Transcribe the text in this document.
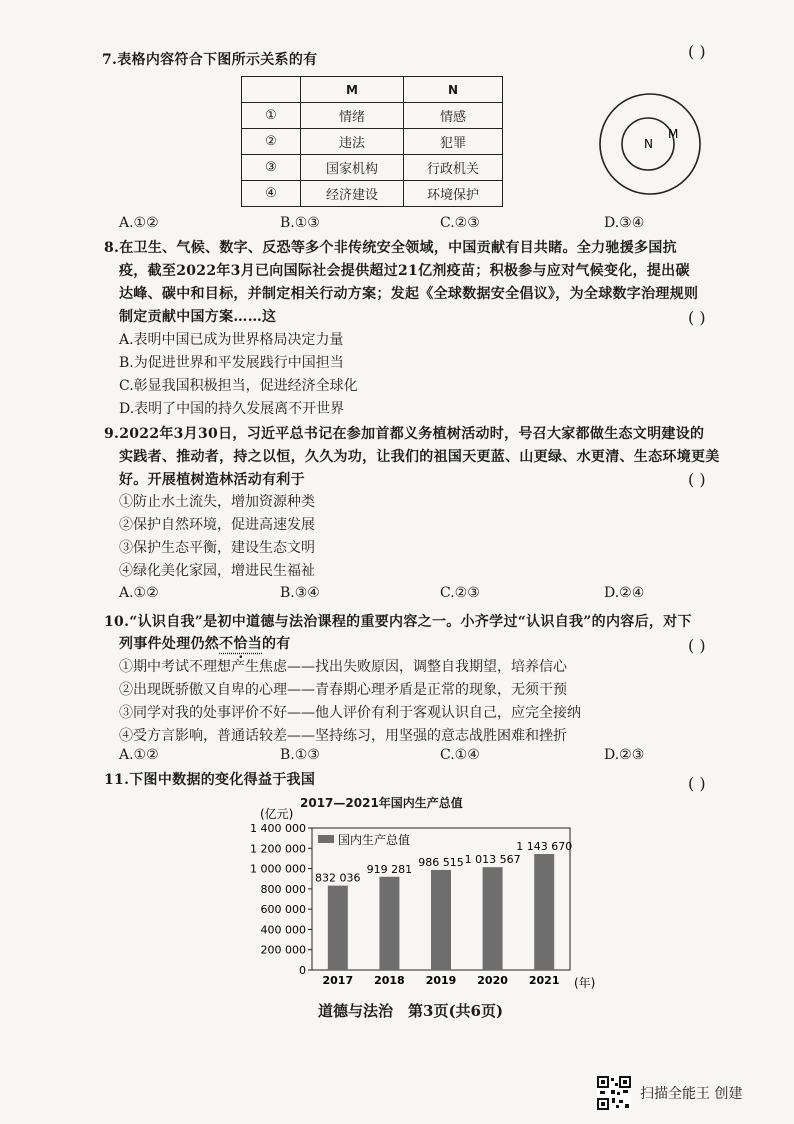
7.表格内容符合下图所示关系的有	( )
	M	N
①	情绪	情感
②	违法	犯罪
③	国家机构	行政机关
④	经济建设	环境保护
N
M
A.①②	B.①③	C.②③	D.③④
8.在卫生、气候、数字、反恐等多个非传统安全领域，中国贡献有目共睹。全力驰援多国抗
疫，截至2022年3月已向国际社会提供超过21亿剂疫苗；积极参与应对气候变化，提出碳
达峰、碳中和目标，并制定相关行动方案；发起《全球数据安全倡议》，为全球数字治理规则
制定贡献中国方案……这	( )
A.表明中国已成为世界格局决定力量
B.为促进世界和平发展践行中国担当
C.彰显我国积极担当，促进经济全球化
D.表明了中国的持久发展离不开世界
9.2022年3月30日，习近平总书记在参加首都义务植树活动时，号召大家都做生态文明建设的
实践者、推动者，持之以恒，久久为功，让我们的祖国天更蓝、山更绿、水更清、生态环境更美
好。开展植树造林活动有利于	( )
①防止水土流失，增加资源种类
②保护自然环境，促进高速发展
③保护生态平衡，建设生态文明
④绿化美化家园，增进民生福祉
A.①②	B.③④	C.②③	D.②④
10.“认识自我”是初中道德与法治课程的重要内容之一。小齐学过“认识自我”的内容后，对下
列事件处理仍然不恰当的有	( )
①期中考试不理想产生焦虑——找出失败原因，调整自我期望，培养信心
②出现既骄傲又自卑的心理——青春期心理矛盾是正常的现象，无须干预
③同学对我的处事评价不好——他人评价有利于客观认识自己，应完全接纳
④受方言影响，普通话较差——坚持练习，用坚强的意志战胜困难和挫折
A.①②	B.①③	C.①④	D.②③
11.下图中数据的变化得益于我国	( )
2017—2021年国内生产总值
(亿元)
(年)
国内生产总值
0
200 000
400 000
600 000
800 000
1 000 000
1 200 000
1 400 000
832 036
2017
919 281
2018
986 515
2019
1 013 567
2020
1 143 670
2021
道德与法治　第3页(共6页)
扫描全能王 创建
